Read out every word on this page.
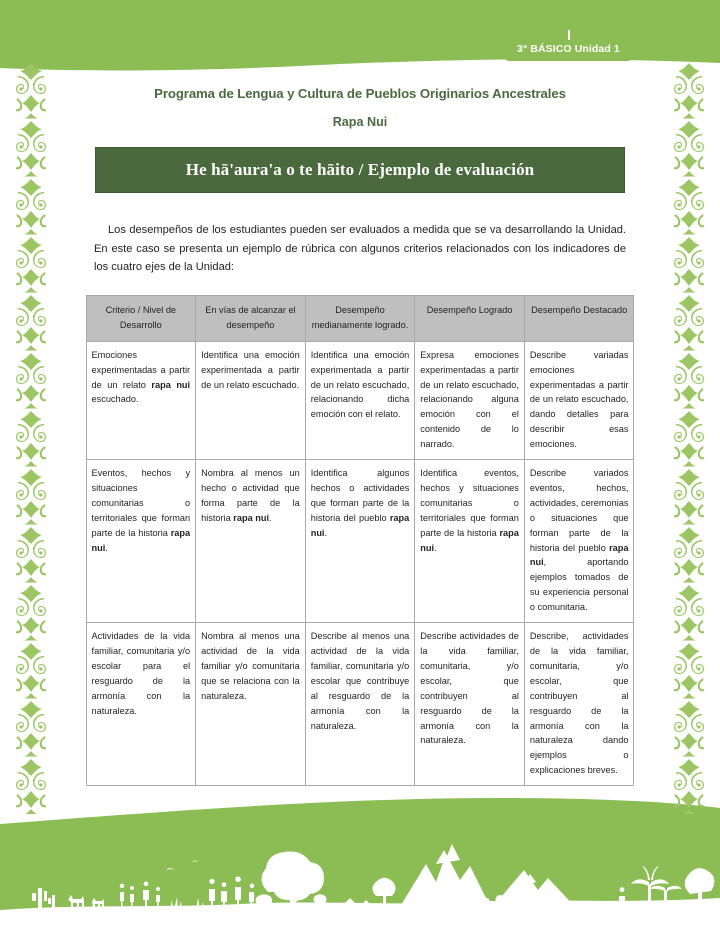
3° BÁSICO Unidad 1
Programa de Lengua y Cultura de Pueblos Originarios Ancestrales
Rapa Nui
He hā'aura'a o te hāito / Ejemplo de evaluación

Los desempeños de los estudiantes pueden ser evaluados a medida que se va desarrollando la Unidad. En este caso se presenta un ejemplo de rúbrica con algunos criterios relacionados con los indicadores de los cuatro ejes de la Unidad:

Criterio / Nivel de Desarrollo	En vías de alcanzar el desempeño	Desempeño medianamente logrado.	Desempeño Logrado	Desempeño Destacado
Emociones experimentadas a partir de un relato rapa nui escuchado.	Identifica una emoción experimentada a partir de un relato escuchado.	Identifica una emoción experimentada a partir de un relato escuchado, relacionando dicha emoción con el relato.	Expresa emociones experimentadas a partir de un relato escuchado, relacionando alguna emoción con el contenido de lo narrado.	Describe variadas emociones experimentadas a partir de un relato escuchado, dando detalles para describir esas emociones.
Eventos, hechos y situaciones comunitarias o territoriales que forman parte de la historia rapa nui.	Nombra al menos un hecho o actividad que forma parte de la historia rapa nui.	Identifica algunos hechos o actividades que forman parte de la historia del pueblo rapa nui.	Identifica eventos, hechos y situaciones comunitarias o territoriales que forman parte de la historia rapa nui.	Describe variados eventos, hechos, actividades, ceremonias o situaciones que forman parte de la historia del pueblo rapa nui, aportando ejemplos tomados de su experiencia personal o comunitaria.
Actividades de la vida familiar, comunitaria y/o escolar para el resguardo de la armonía con la naturaleza.	Nombra al menos una actividad de la vida familiar y/o comunitaria que se relaciona con la naturaleza.	Describe al menos una actividad de la vida familiar, comunitaria y/o escolar que contribuye al resguardo de la armonía con la naturaleza.	Describe actividades de la vida familiar, comunitaria, y/o escolar, que contribuyen al resguardo de la armonía con la naturaleza.	Describe, actividades de la vida familiar, comunitaria, y/o escolar, que contribuyen al resguardo de la armonía con la naturaleza dando ejemplos o explicaciones breves.
